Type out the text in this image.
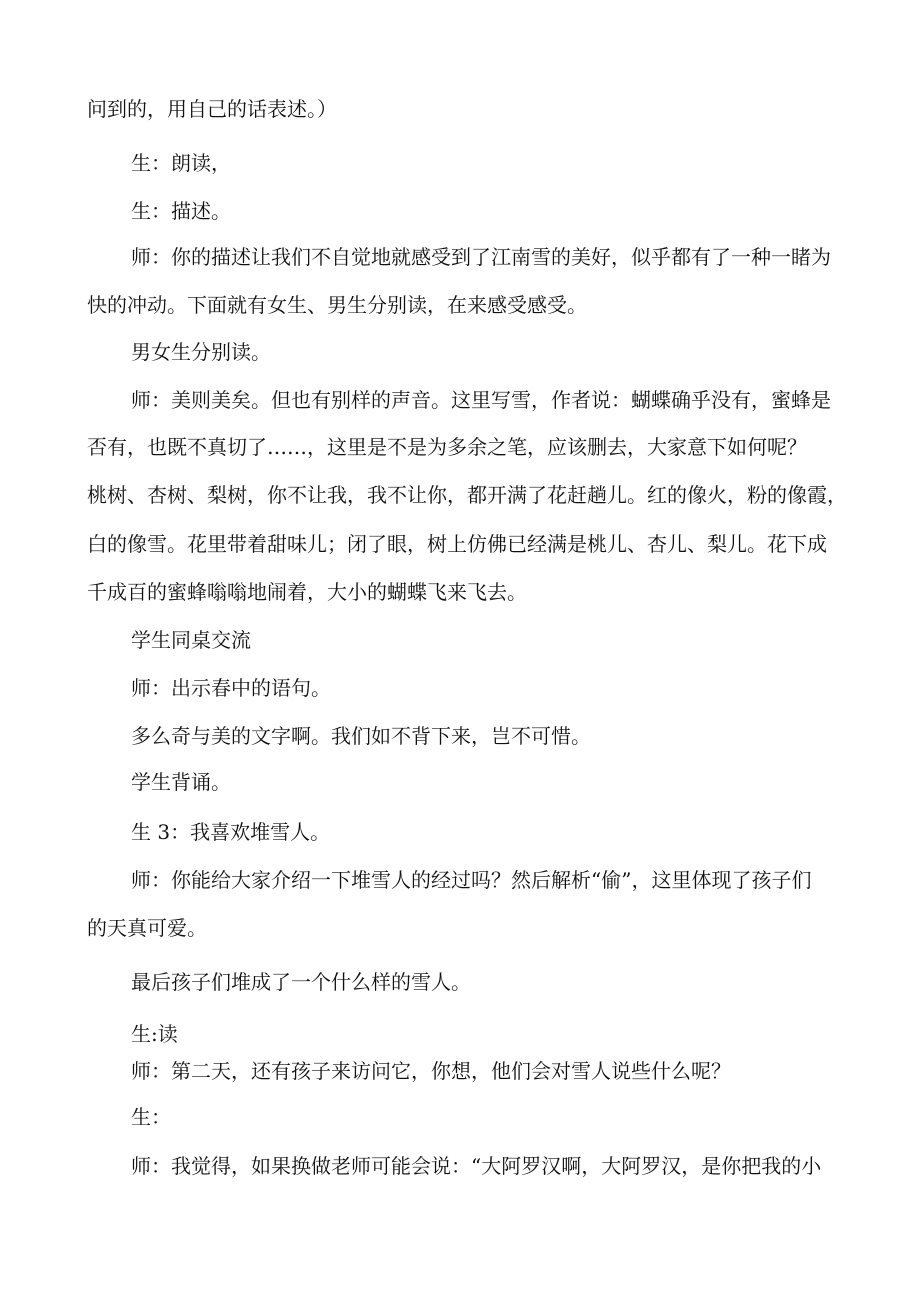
问到的，用自己的话表述。）
生：朗读，
生：描述。
师：你的描述让我们不自觉地就感受到了江南雪的美好，似乎都有了一种一睹为
快的冲动。下面就有女生、男生分别读，在来感受感受。
男女生分别读。
师：美则美矣。但也有别样的声音。这里写雪，作者说：蝴蝶确乎没有，蜜蜂是
否有，也既不真切了……，这里是不是为多余之笔，应该删去，大家意下如何呢？
桃树、杏树、梨树，你不让我，我不让你，都开满了花赶趟儿。红的像火，粉的像霞，
白的像雪。花里带着甜味儿；闭了眼，树上仿佛已经满是桃儿、杏儿、梨儿。花下成
千成百的蜜蜂嗡嗡地闹着，大小的蝴蝶飞来飞去。
学生同桌交流
师：出示春中的语句。
多么奇与美的文字啊。我们如不背下来，岂不可惜。
学生背诵。
生 3：我喜欢堆雪人。
师：你能给大家介绍一下堆雪人的经过吗？然后解析“偷”，这里体现了孩子们
的天真可爱。
最后孩子们堆成了一个什么样的雪人。
生:读
师：第二天，还有孩子来访问它，你想，他们会对雪人说些什么呢？
生：
师：我觉得，如果换做老师可能会说：“大阿罗汉啊，大阿罗汉，是你把我的小
